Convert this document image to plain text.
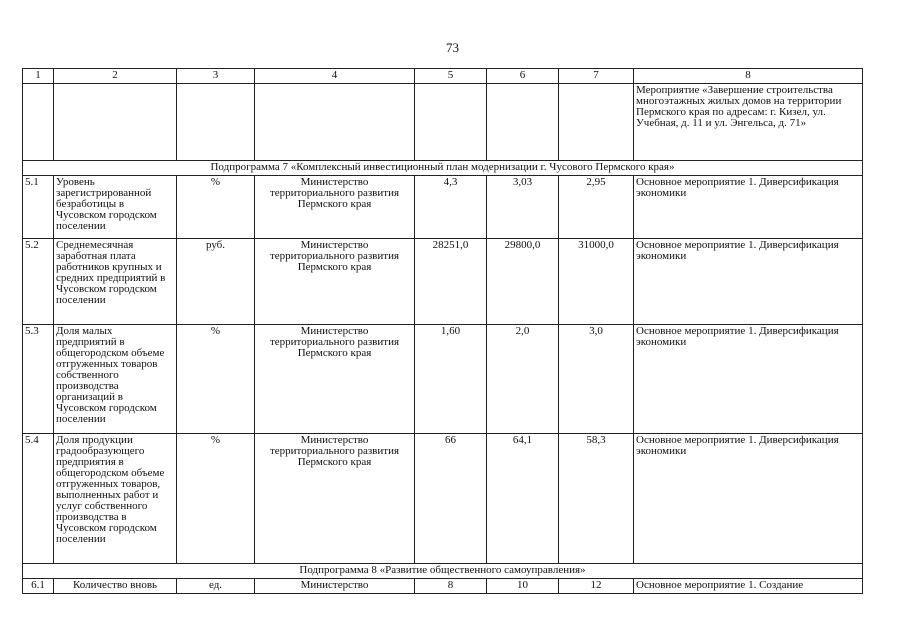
73
1	2	3	4	5	6	7	8
							Мероприятие «Завершение строительства многоэтажных жилых домов на территории Пермского края по адресам: г. Кизел, ул. Учебная, д. 11 и ул. Энгельса, д. 71»
Подпрограмма 7 «Комплексный инвестиционный план модернизации г. Чусового Пермского края»							
5.1	Уровень зарегистрированной безработицы в Чусовском городском поселении	%	Министерство территориального развития Пермского края	4,3	3,03	2,95	Основное мероприятие 1. Диверсификация экономики
5.2	Среднемесячная заработная плата работников крупных и средних предприятий в Чусовском городском поселении	руб.	Министерство территориального развития Пермского края	28251,0	29800,0	31000,0	Основное мероприятие 1. Диверсификация экономики
5.3	Доля малых предприятий в общегородском объеме отгруженных товаров собственного производства организаций в Чусовском городском поселении	%	Министерство территориального развития Пермского края	1,60	2,0	3,0	Основное мероприятие 1. Диверсификация экономики
5.4	Доля продукции градообразующего предприятия в общегородском объеме отгруженных товаров, выполненных работ и услуг собственного производства в Чусовском городском поселении	%	Министерство территориального развития Пермского края	66	64,1	58,3	Основное мероприятие 1. Диверсификация экономики
Подпрограмма 8 «Развитие общественного самоуправления»							
6.1	Количество вновь	ед.	Министерство	8	10	12	Основное мероприятие 1. Создание
